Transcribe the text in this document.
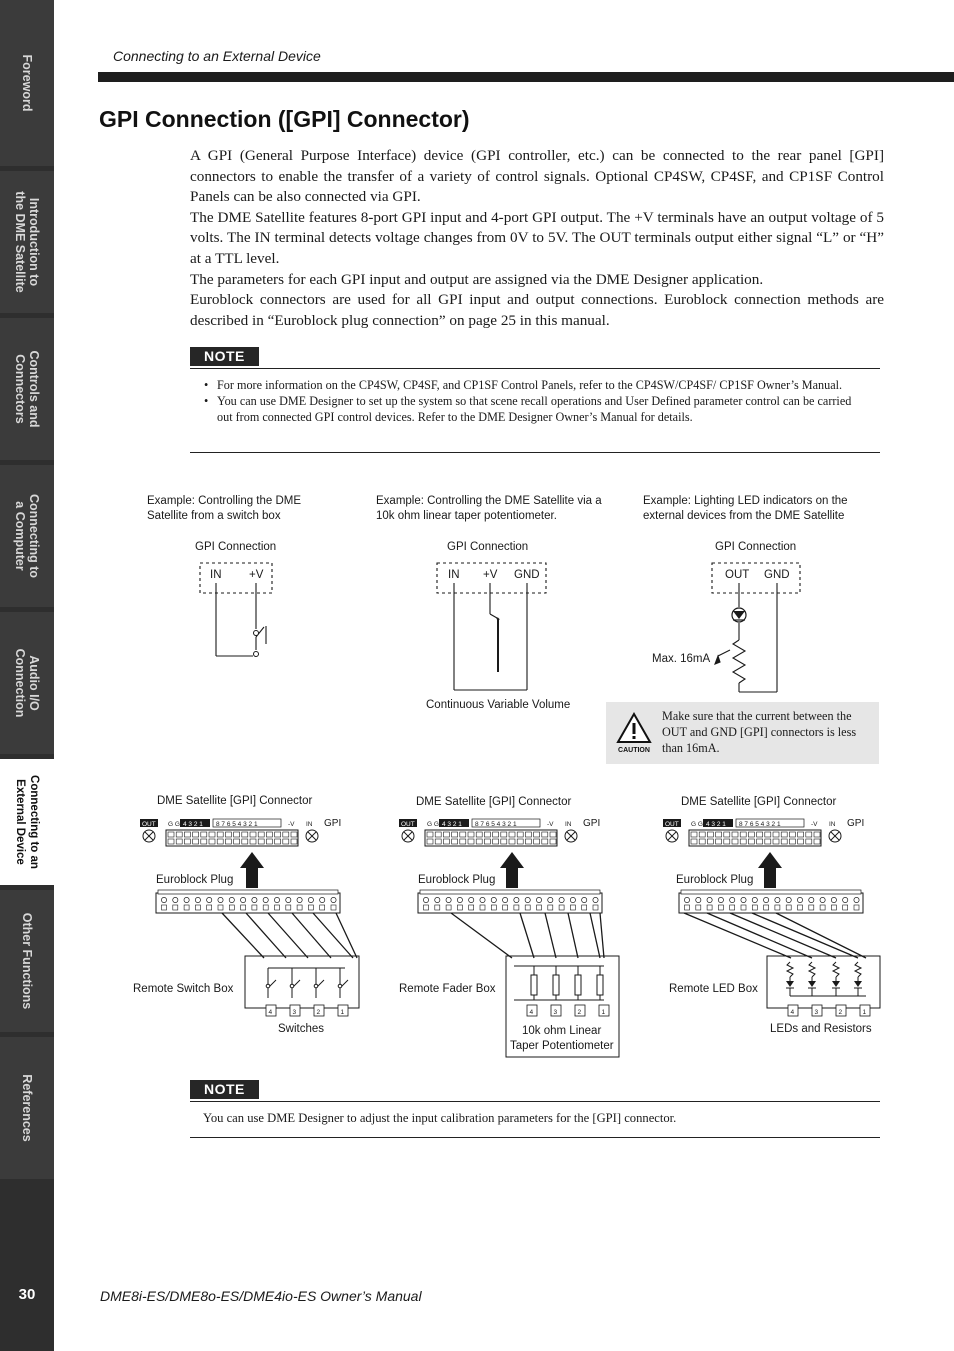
Foreword
Introduction to
the DME Satellite
Controls and
Connectors
Connecting to
a Computer
Audio I/O
Connection
Connecting to an
External Device
Other Functions
References
30
Connecting to an External Device
GPI Connection ([GPI] Connector)

A GPI (General Purpose Interface) device (GPI controller, etc.) can be connected to the rear panel [GPI] connectors to enable the transfer of a variety of control signals. Optional CP4SW, CP4SF, and CP1SF Control Panels can be also connected via GPI.

The DME Satellite features 8-port GPI input and 4-port GPI output. The +V terminals have an output voltage of 5 volts. The IN terminal detects voltage changes from 0V to 5V. The OUT terminals output either signal “L” or “H” at a TTL level.

The parameters for each GPI input and output are assigned via the DME Designer application.

Euroblock connectors are used for all GPI input and output connections. Euroblock connection methods are described in “Euroblock plug connection” on page 25 in this manual.

NOTE
• For more information on the CP4SW, CP4SF, and CP1SF Control Panels, refer to the CP4SW/CP4SF/ CP1SF Owner’s Manual.
• You can use DME Designer to set up the system so that scene recall operations and User Defined parameter control can be carried out from connected GPI control devices. Refer to the DME Designer Owner’s Manual for details.
Example: Controlling the DME
Satellite from a switch box
Example: Controlling the DME Satellite via a
10k ohm linear taper potentiometer.
Example: Lighting LED indicators on the
external devices from the DME Satellite
GPI Connection	GPI Connection	GPI Connection
IN +V	IN +V GND	OUT GND
Continuous Variable Volume
Max. 16mA
DME Satellite [GPI] Connector	DME Satellite [GPI] Connector	DME Satellite [GPI] Connector
OUT G G 4 3 2 1 8 7 6 5 4 3 2 1	-V IN GPI	OUT G G 4 3 2 1 8 7 6 5 4 3 2 1	-V IN GPI	OUT G G 4 3 2 1 8 7 6 5 4 3 2 1	-V IN GPI
4	3	2	1	4	3	2	1	4	3	2	1
Euroblock Plug	Euroblock Plug	Euroblock Plug
Remote Switch Box	Remote Fader Box	Remote LED Box
Switches	10k ohm Linear
Taper Potentiometer
LEDs and Resistors
CAUTION
Make sure that the current between the OUT and GND [GPI] connectors is less than 16mA.
NOTE
You can use DME Designer to adjust the input calibration parameters for the [GPI] connector.
DME8i-ES/DME8o-ES/DME4io-ES Owner’s Manual
